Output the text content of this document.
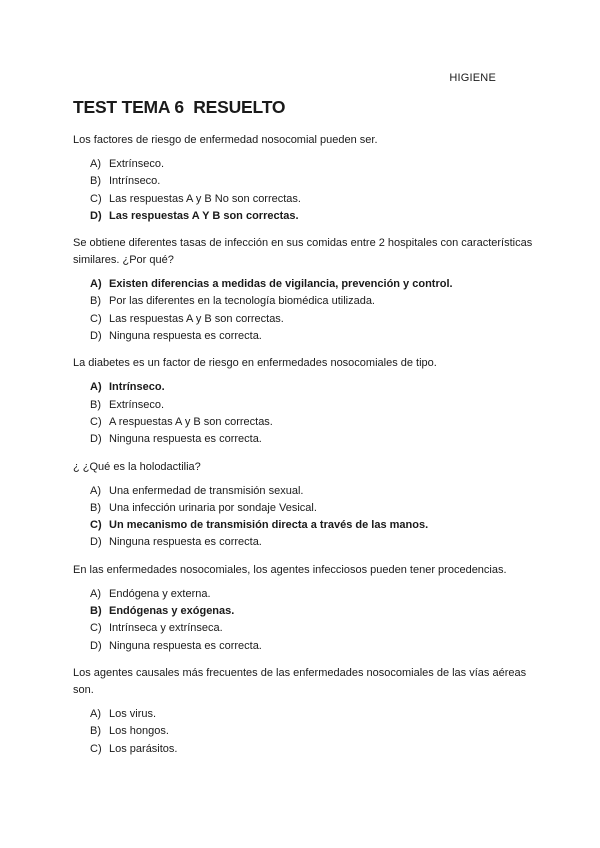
HIGIENE
TEST TEMA 6  RESUELTO

Los factores de riesgo de enfermedad nosocomial pueden ser.

A) Extrínseco.
B) Intrínseco.
C) Las respuestas A y B No son correctas.
D) Las respuestas A Y B son correctas.

Se obtiene diferentes tasas de infección en sus comidas entre 2 hospitales con características similares. ¿Por qué?

A) Existen diferencias a medidas de vigilancia, prevención y control.
B) Por las diferentes en la tecnología biomédica utilizada.
C) Las respuestas A y B son correctas.
D) Ninguna respuesta es correcta.

La diabetes es un factor de riesgo en enfermedades nosocomiales de tipo.

A) Intrínseco.
B) Extrínseco.
C) A respuestas A y B son correctas.
D) Ninguna respuesta es correcta.

¿ ¿Qué es la holodactilia?

A) Una enfermedad de transmisión sexual.
B) Una infección urinaria por sondaje Vesical.
C) Un mecanismo de transmisión directa a través de las manos.
D) Ninguna respuesta es correcta.

En las enfermedades nosocomiales, los agentes infecciosos pueden tener procedencias.

A) Endógena y externa.
B) Endógenas y exógenas.
C) Intrínseca y extrínseca.
D) Ninguna respuesta es correcta.

Los agentes causales más frecuentes de las enfermedades nosocomiales de las vías aéreas son.

A) Los virus.
B) Los hongos.
C) Los parásitos.
